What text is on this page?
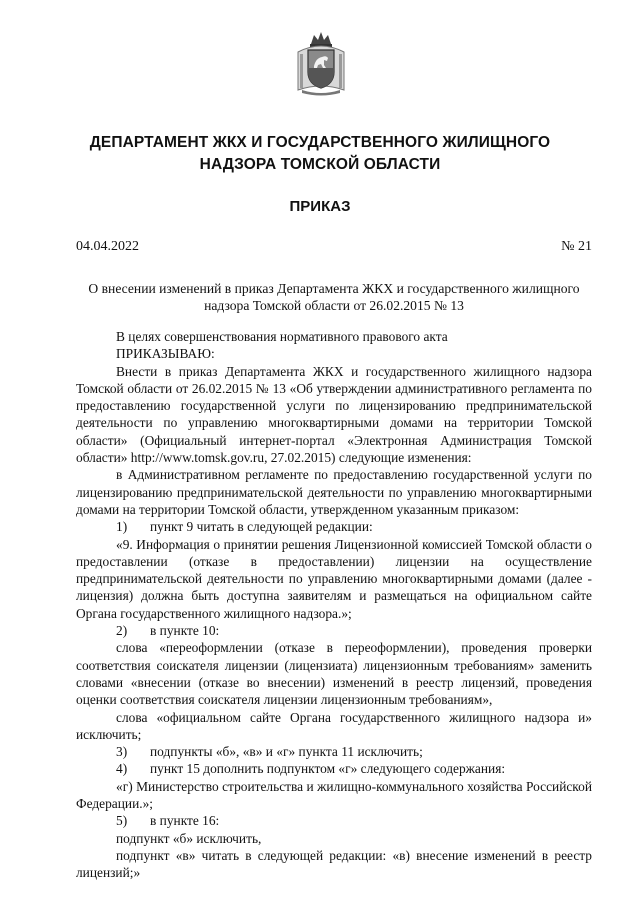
ДЕПАРТАМЕНТ ЖКХ И ГОСУДАРСТВЕННОГО ЖИЛИЩНОГО НАДЗОРА ТОМСКОЙ ОБЛАСТИ
ПРИКАЗ
04.04.2022	№ 21
О внесении изменений в приказ Департамента ЖКХ и государственного жилищного надзора Томской области от 26.02.2015 № 13

В целях совершенствования нормативного правового акта

ПРИКАЗЫВАЮ:

Внести в приказ Департамента ЖКХ и государственного жилищного надзора Томской области от 26.02.2015 № 13 «Об утверждении административного регламента по предоставлению государственной услуги по лицензированию предпринимательской деятельности по управлению многоквартирными домами на территории Томской области» (Официальный интернет-портал «Электронная Администрация Томской области» http://www.tomsk.gov.ru, 27.02.2015) следующие изменения:

в Административном регламенте по предоставлению государственной услуги по лицензированию предпринимательской деятельности по управлению многоквартирными домами на территории Томской области, утвержденном указанным приказом:

1)	пункт 9 читать в следующей редакции:

«9. Информация о принятии решения Лицензионной комиссией Томской области о предоставлении (отказе в предоставлении) лицензии на осуществление предпринимательской деятельности по управлению многоквартирными домами (далее - лицензия) должна быть доступна заявителям и размещаться на официальном сайте Органа государственного жилищного надзора.»;

2)	в пункте 10:

слова «переоформлении (отказе в переоформлении), проведения проверки соответствия соискателя лицензии (лицензиата) лицензионным требованиям» заменить словами «внесении (отказе во внесении) изменений в реестр лицензий, проведения оценки соответствия соискателя лицензии лицензионным требованиям»,

слова «официальном сайте Органа государственного жилищного надзора и» исключить;

3)	подпункты «б», «в» и «г» пункта 11 исключить;
4)	пункт 15 дополнить подпунктом «г» следующего содержания:

«г) Министерство строительства и жилищно-коммунального хозяйства Российской Федерации.»;

5)	в пункте 16:

подпункт «б» исключить,

подпункт «в» читать в следующей редакции: «в) внесение изменений в реестр лицензий;»
